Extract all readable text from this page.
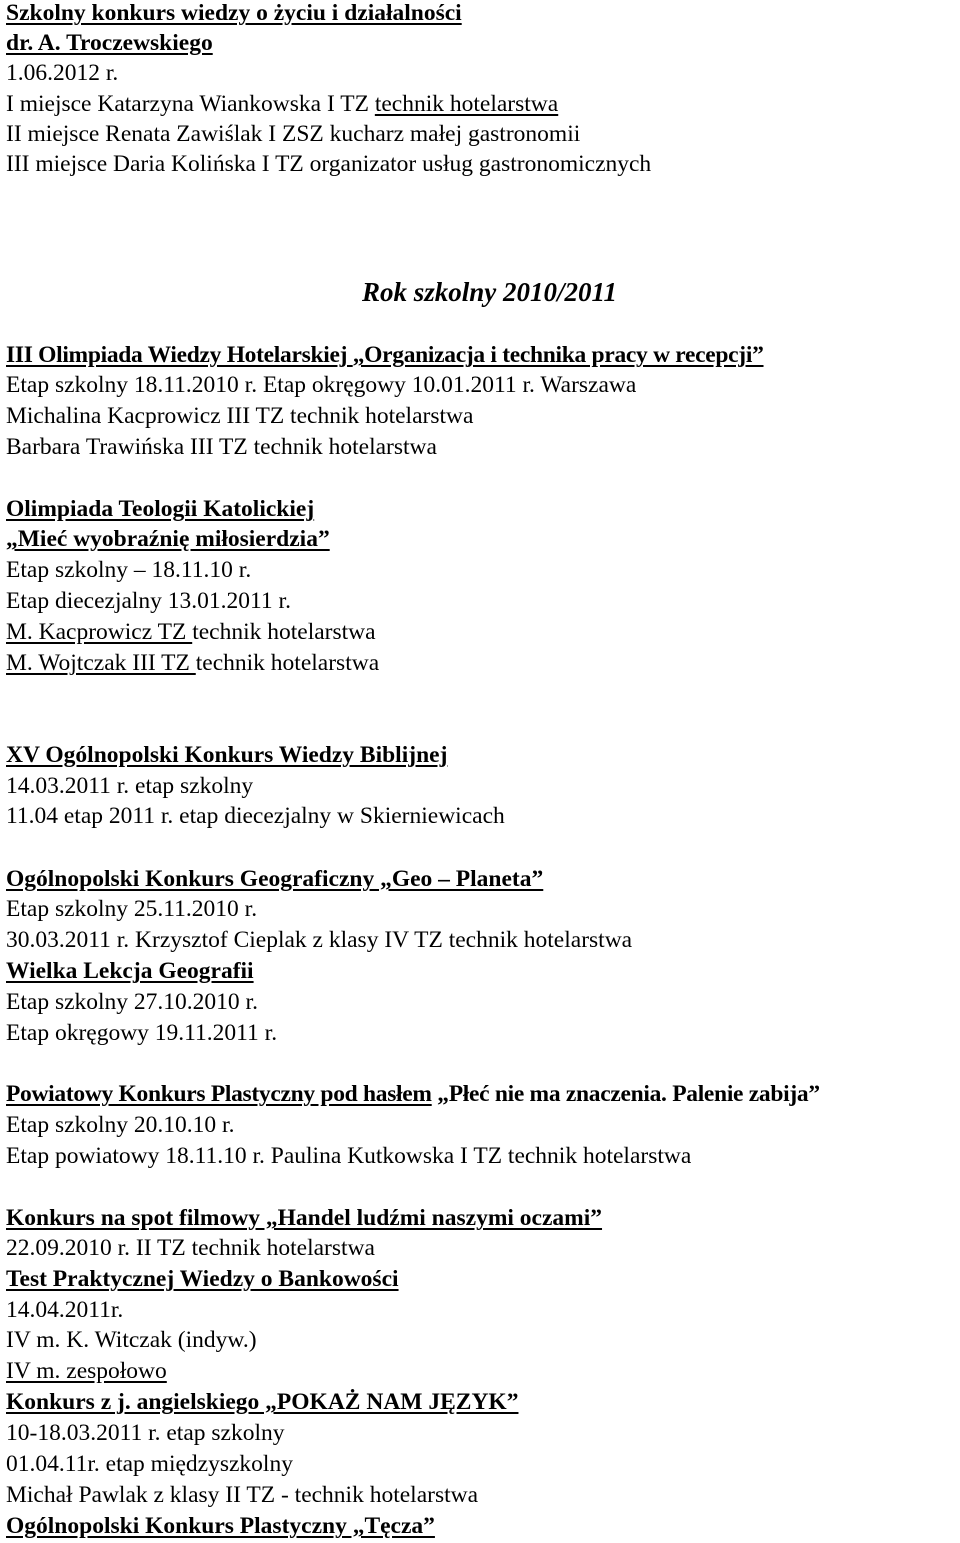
Szkolny konkurs wiedzy o życiu i działalności
dr. A. Troczewskiego
1.06.2012 r.
I miejsce Katarzyna Wiankowska I TZ technik hotelarstwa
II miejsce Renata Zawiślak I ZSZ kucharz małej gastronomii
III miejsce Daria Kolińska I TZ organizator usług gastronomicznych
Rok szkolny 2010/2011
III Olimpiada Wiedzy Hotelarskiej „Organizacja i technika pracy w recepcji”
Etap szkolny 18.11.2010 r. Etap okręgowy 10.01.2011 r. Warszawa
Michalina Kacprowicz III TZ technik hotelarstwa
Barbara Trawińska III TZ technik hotelarstwa
Olimpiada Teologii Katolickiej
„Mieć wyobraźnię miłosierdzia”
Etap szkolny – 18.11.10 r.
Etap diecezjalny 13.01.2011 r.
M. Kacprowicz TZ technik hotelarstwa
M. Wojtczak III TZ technik hotelarstwa
XV Ogólnopolski Konkurs Wiedzy Biblijnej
14.03.2011 r. etap szkolny
11.04 etap 2011 r. etap diecezjalny w Skierniewicach
Ogólnopolski Konkurs Geograficzny „Geo – Planeta”
Etap szkolny 25.11.2010 r.
30.03.2011 r. Krzysztof Cieplak z klasy IV TZ technik hotelarstwa
Wielka Lekcja Geografii
Etap szkolny 27.10.2010 r.
Etap okręgowy 19.11.2011 r.
Powiatowy Konkurs Plastyczny pod hasłem „Płeć nie ma znaczenia. Palenie zabija”
Etap szkolny 20.10.10 r.
Etap powiatowy 18.11.10 r. Paulina Kutkowska I TZ technik hotelarstwa
Konkurs na spot filmowy „Handel ludźmi naszymi oczami”
22.09.2010 r. II TZ technik hotelarstwa
Test Praktycznej Wiedzy o Bankowości
14.04.2011r.
IV m. K. Witczak (indyw.)
IV m. zespołowo
Konkurs z j. angielskiego „POKAŻ NAM JĘZYK”
10-18.03.2011 r. etap szkolny
01.04.11r. etap międzyszkolny
Michał Pawlak z klasy II TZ - technik hotelarstwa
Ogólnopolski Konkurs Plastyczny „Tęcza”
